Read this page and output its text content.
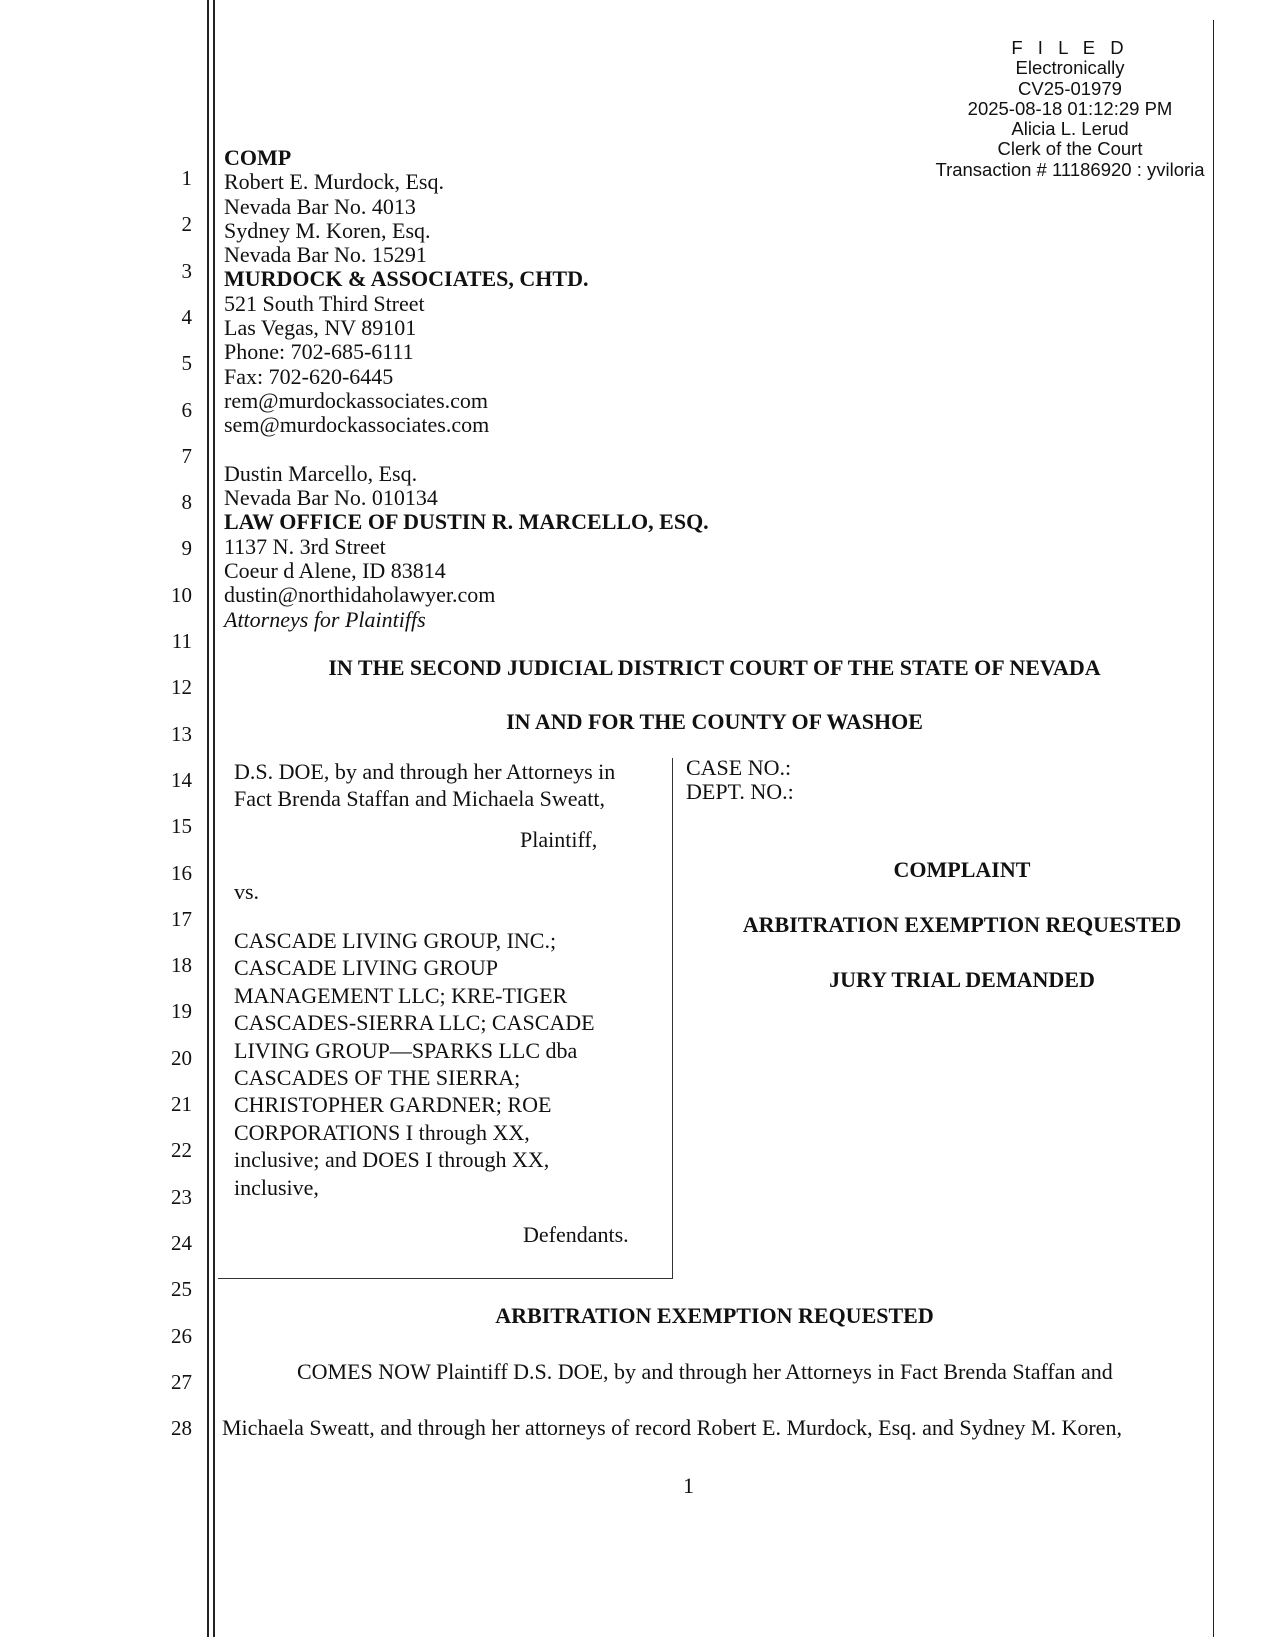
1
2
3
4
5
6
7
8
9
10
11
12
13
14
15
16
17
18
19
20
21
22
23
24
25
26
27
28
F I L E D
Electronically
CV25-01979
2025-08-18 01:12:29 PM
Alicia L. Lerud
Clerk of the Court
Transaction # 11186920 : yviloria
COMP
Robert E. Murdock, Esq.
Nevada Bar No. 4013
Sydney M. Koren, Esq.
Nevada Bar No. 15291
MURDOCK & ASSOCIATES, CHTD.
521 South Third Street
Las Vegas, NV 89101
Phone: 702-685-6111
Fax: 702-620-6445
rem@murdockassociates.com
sem@murdockassociates.com
Dustin Marcello, Esq.
Nevada Bar No. 010134
LAW OFFICE OF DUSTIN R. MARCELLO, ESQ.
1137 N. 3rd Street
Coeur d Alene, ID 83814
dustin@northidaholawyer.com
Attorneys for Plaintiffs
IN THE SECOND JUDICIAL DISTRICT COURT OF THE STATE OF NEVADA
IN AND FOR THE COUNTY OF WASHOE
D.S. DOE, by and through her Attorneys in
Fact Brenda Staffan and Michaela Sweatt,
Plaintiff,
vs.
CASCADE LIVING GROUP, INC.;
CASCADE LIVING GROUP
MANAGEMENT LLC; KRE-TIGER
CASCADES-SIERRA LLC; CASCADE
LIVING GROUP—SPARKS LLC dba
CASCADES OF THE SIERRA;
CHRISTOPHER GARDNER; ROE
CORPORATIONS I through XX,
inclusive; and DOES I through XX,
inclusive,
Defendants.
CASE NO.:
DEPT. NO.:
COMPLAINT
ARBITRATION EXEMPTION REQUESTED
JURY TRIAL DEMANDED
ARBITRATION EXEMPTION REQUESTED
COMES NOW Plaintiff D.S. DOE, by and through her Attorneys in Fact Brenda Staffan and
Michaela Sweatt, and through her attorneys of record Robert E. Murdock, Esq. and Sydney M. Koren,
1
